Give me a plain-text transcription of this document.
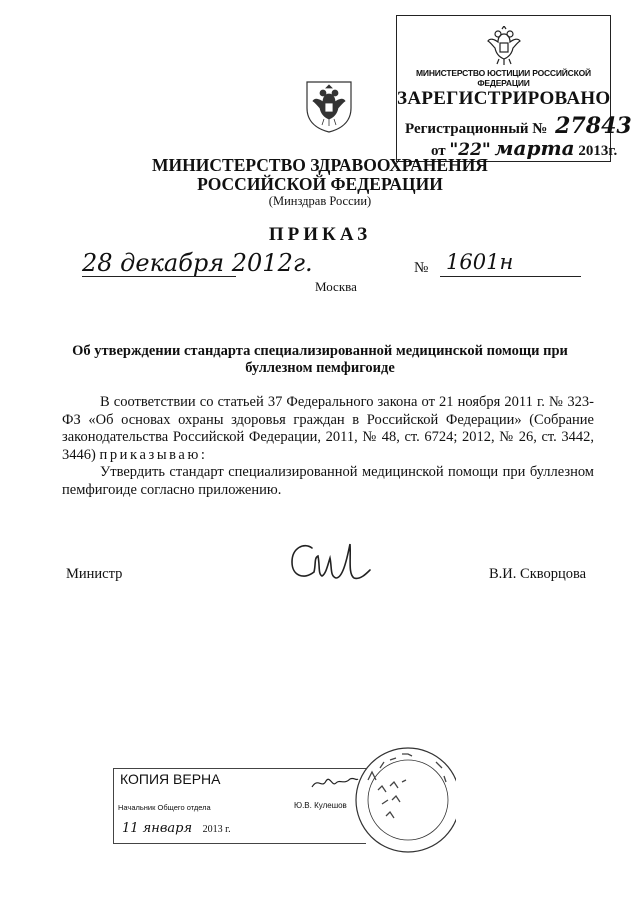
МИНИСТЕРСТВО ЮСТИЦИИ РОССИЙСКОЙ ФЕДЕРАЦИИ
ЗАРЕГИСТРИРОВАНО
Регистрационный № 27843
от "22" марта 2013г.
МИНИСТЕРСТВО ЗДРАВООХРАНЕНИЯ
РОССИЙСКОЙ ФЕДЕРАЦИИ
(Минздрав России)
ПРИКАЗ
28 декабря 2012г.
Москва
№ 1601н
Об утверждении стандарта специализированной медицинской помощи при
буллезном пемфигоиде

В соответствии со статьей 37 Федерального закона от 21 ноября 2011 г. № 323-ФЗ «Об основах охраны здоровья граждан в Российской Федерации» (Собрание законодательства Российской Федерации, 2011, № 48, ст. 6724; 2012, № 26, ст. 3442, 3446) приказываю:

Утвердить стандарт специализированной медицинской помощи при буллезном пемфигоиде согласно приложению.

Министр	В.И. Скворцова
КОПИЯ ВЕРНА
Начальник Общего отдела	Ю.В. Кулешов
11 января 2013 г.
